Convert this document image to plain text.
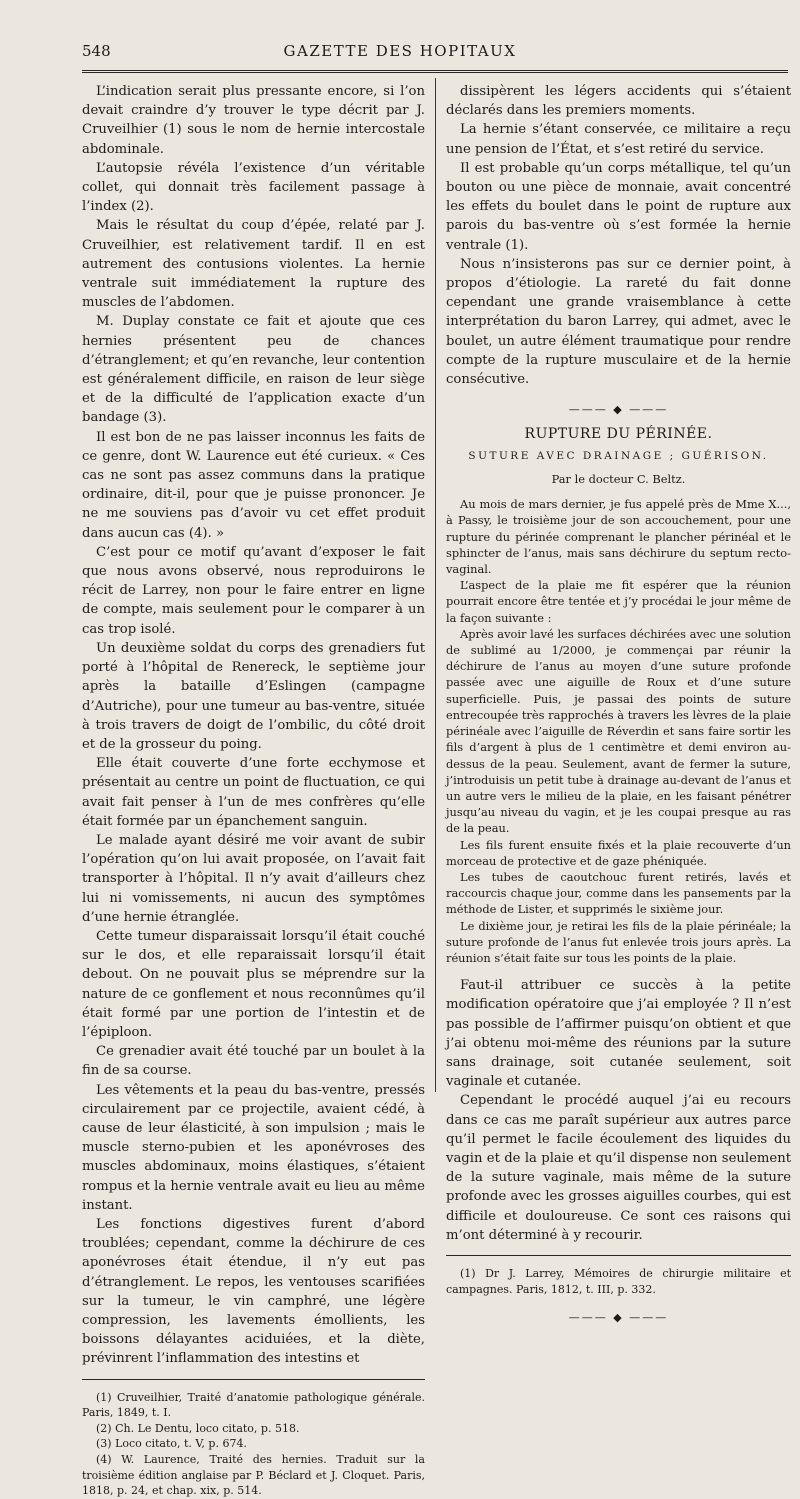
548	GAZETTE DES HOPITAUX

L’indication serait plus pressante encore, si l’on devait craindre d’y trouver le type décrit par J. Cruveilhier (1) sous le nom de hernie intercostale abdominale.

L’autopsie révéla l’existence d’un véritable collet, qui donnait très facilement passage à l’index (2).

Mais le résultat du coup d’épée, relaté par J. Cruveilhier, est relativement tardif. Il en est autrement des contusions violentes. La hernie ventrale suit immédiatement la rupture des muscles de l’abdomen.

M. Duplay constate ce fait et ajoute que ces hernies présentent peu de chances d’étranglement; et qu’en revanche, leur contention est généralement difficile, en raison de leur siège et de la difficulté de l’application exacte d’un bandage (3).

Il est bon de ne pas laisser inconnus les faits de ce genre, dont W. Laurence eut été curieux. « Ces cas ne sont pas assez communs dans la pratique ordinaire, dit-il, pour que je puisse prononcer. Je ne me souviens pas d’avoir vu cet effet produit dans aucun cas (4). »

C’est pour ce motif qu’avant d’exposer le fait que nous avons observé, nous reproduirons le récit de Larrey, non pour le faire entrer en ligne de compte, mais seulement pour le comparer à un cas trop isolé.

Un deuxième soldat du corps des grenadiers fut porté à l’hôpital de Renereck, le septième jour après la bataille d’Eslingen (campagne d’Autriche), pour une tumeur au bas-ventre, située à trois travers de doigt de l’ombilic, du côté droit et de la grosseur du poing.

Elle était couverte d’une forte ecchymose et présentait au centre un point de fluctuation, ce qui avait fait penser à l’un de mes confrères qu’elle était formée par un épanchement sanguin.

Le malade ayant désiré me voir avant de subir l’opération qu’on lui avait proposée, on l’avait fait transporter à l’hôpital. Il n’y avait d’ailleurs chez lui ni vomissements, ni aucun des symptômes d’une hernie étranglée.

Cette tumeur disparaissait lorsqu’il était couché sur le dos, et elle reparaissait lorsqu’il était debout. On ne pouvait plus se méprendre sur la nature de ce gonflement et nous reconnûmes qu’il était formé par une portion de l’intestin et de l’épiploon.

Ce grenadier avait été touché par un boulet à la fin de sa course.

Les vêtements et la peau du bas-ventre, pressés circulairement par ce projectile, avaient cédé, à cause de leur élasticité, à son impulsion ; mais le muscle sterno-pubien et les aponévroses des muscles abdominaux, moins élastiques, s’étaient rompus et la hernie ventrale avait eu lieu au même instant.

Les fonctions digestives furent d’abord troublées; cependant, comme la déchirure de ces aponévroses était étendue, il n’y eut pas d’étranglement. Le repos, les ventouses scarifiées sur la tumeur, le vin camphré, une légère compression, les lavements émollients, les boissons délayantes aciduiées, et la diète, prévinrent l’inflammation des intestins et

(1) Cruveilhier, Traité d’anatomie pathologique générale. Paris, 1849, t. I.

(2) Ch. Le Dentu, loco citato, p. 518.

(3) Loco citato, t. V, p. 674.

(4) W. Laurence, Traité des hernies. Traduit sur la troisième édition anglaise par P. Béclard et J. Cloquet. Paris, 1818, p. 24, et chap. xix, p. 514.

dissipèrent les légers accidents qui s’étaient déclarés dans les premiers moments.

La hernie s’étant conservée, ce militaire a reçu une pension de l’État, et s’est retiré du service.

Il est probable qu’un corps métallique, tel qu’un bouton ou une pièce de monnaie, avait concentré les effets du boulet dans le point de rupture aux parois du bas-ventre où s’est formée la hernie ventrale (1).

Nous n’insisterons pas sur ce dernier point, à propos d’étiologie. La rareté du fait donne cependant une grande vraisemblance à cette interprétation du baron Larrey, qui admet, avec le boulet, un autre élément traumatique pour rendre compte de la rupture musculaire et de la hernie consécutive.

——— ◆ ———
RUPTURE DU PÉRINÉE.
SUTURE AVEC DRAINAGE ; GUÉRISON.
Par le docteur C. Beltz.

Au mois de mars dernier, je fus appelé près de Mme X..., à Passy, le troisième jour de son accouchement, pour une rupture du périnée comprenant le plancher périnéal et le sphincter de l’anus, mais sans déchirure du septum recto-vaginal.

L’aspect de la plaie me fit espérer que la réunion pourrait encore être tentée et j’y procédai le jour même de la façon suivante :

Après avoir lavé les surfaces déchirées avec une solution de sublimé au 1/2000, je commençai par réunir la déchirure de l’anus au moyen d’une suture profonde passée avec une aiguille de Roux et d’une suture superficielle. Puis, je passai des points de suture entrecoupée très rapprochés à travers les lèvres de la plaie périnéale avec l’aiguille de Réverdin et sans faire sortir les fils d’argent à plus de 1 centimètre et demi environ au-dessus de la peau. Seulement, avant de fermer la suture, j’introduisis un petit tube à drainage au-devant de l’anus et un autre vers le milieu de la plaie, en les faisant pénétrer jusqu’au niveau du vagin, et je les coupai presque au ras de la peau.

Les fils furent ensuite fixés et la plaie recouverte d’un morceau de protective et de gaze phéniquée.

Les tubes de caoutchouc furent retirés, lavés et raccourcis chaque jour, comme dans les pansements par la méthode de Lister, et supprimés le sixième jour.

Le dixième jour, je retirai les fils de la plaie périnéale; la suture profonde de l’anus fut enlevée trois jours après. La réunion s’était faite sur tous les points de la plaie.

Faut-il attribuer ce succès à la petite modification opératoire que j’ai employée ? Il n’est pas possible de l’affirmer puisqu’on obtient et que j’ai obtenu moi-même des réunions par la suture sans drainage, soit cutanée seulement, soit vaginale et cutanée.

Cependant le procédé auquel j’ai eu recours dans ce cas me paraît supérieur aux autres parce qu’il permet le facile écoulement des liquides du vagin et de la plaie et qu’il dispense non seulement de la suture vaginale, mais même de la suture profonde avec les grosses aiguilles courbes, qui est difficile et douloureuse. Ce sont ces raisons qui m’ont déterminé à y recourir.

(1) Dr J. Larrey, Mémoires de chirurgie militaire et campagnes. Paris, 1812, t. III, p. 332.

——— ◆ ———
